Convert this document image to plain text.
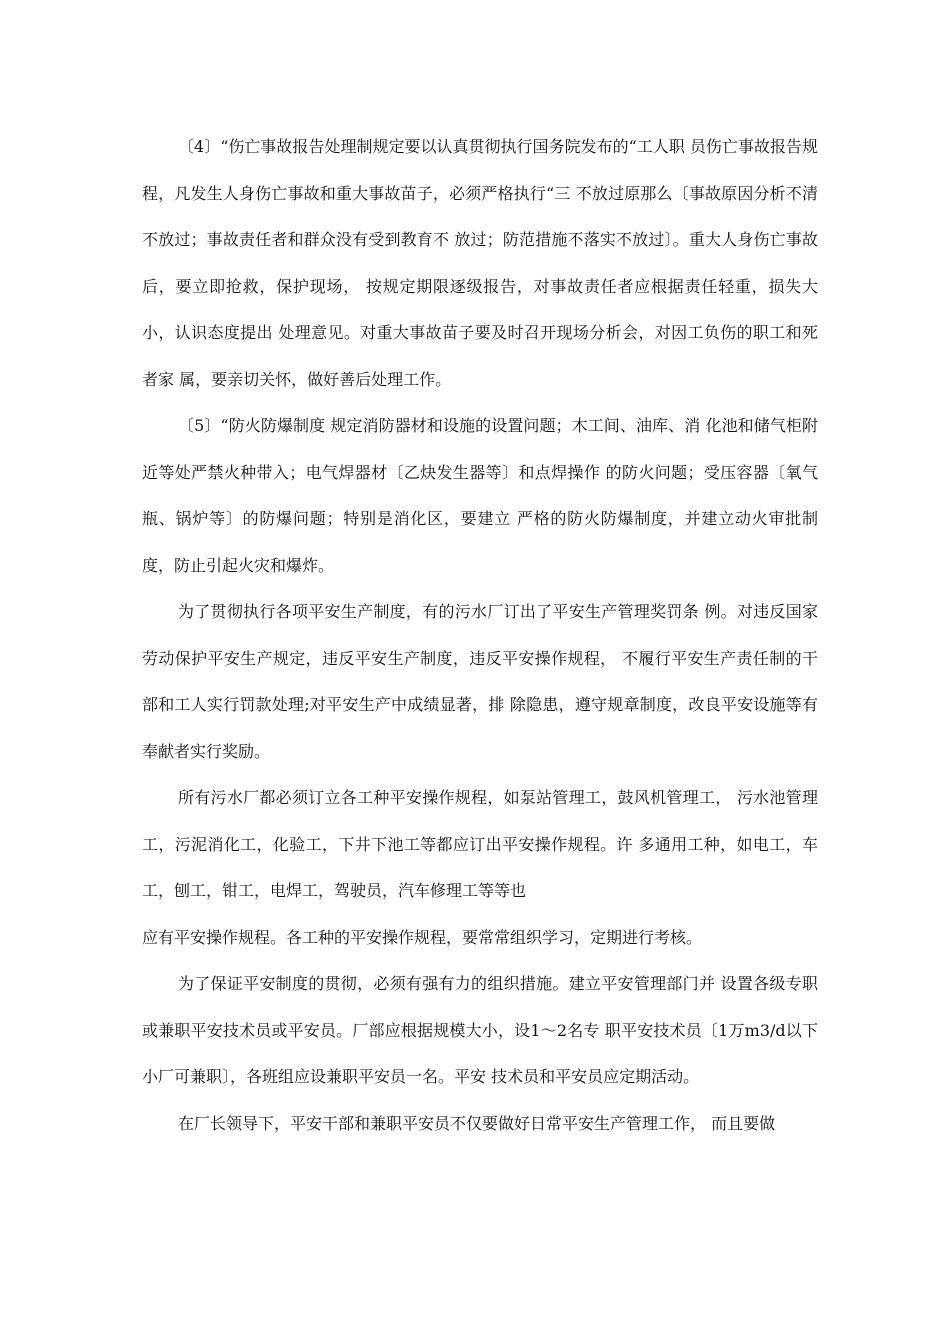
〔4〕“伤亡事故报告处理制规定要以认真贯彻执行国务院发布的“工人职 员伤亡事故报告规程，凡发生人身伤亡事故和重大事故苗子，必须严格执行“三 不放过原那么〔事故原因分析不清不放过；事故责任者和群众没有受到教育不 放过；防范措施不落实不放过〕。重大人身伤亡事故后，要立即抢救，保护现场， 按规定期限逐级报告，对事故责任者应根据责任轻重，损失大小，认识态度提出 处理意见。对重大事故苗子要及时召开现场分析会，对因工负伤的职工和死者家 属，要亲切关怀，做好善后处理工作。

〔5〕“防火防爆制度 规定消防器材和设施的设置问题；木工间、油库、消 化池和储气柜附近等处严禁火种带入；电气焊器材〔乙炔发生器等〕和点焊操作 的防火问题；受压容器〔氧气瓶、锅炉等〕的防爆问题；特别是消化区，要建立 严格的防火防爆制度，并建立动火审批制度，防止引起火灾和爆炸。

为了贯彻执行各项平安生产制度，有的污水厂订出了平安生产管理奖罚条 例。对违反国家劳动保护平安生产规定，违反平安生产制度，违反平安操作规程， 不履行平安生产责任制的干部和工人实行罚款处理;对平安生产中成绩显著，排 除隐患，遵守规章制度，改良平安设施等有奉献者实行奖励。

所有污水厂都必须订立各工种平安操作规程，如泵站管理工，鼓风机管理工， 污水池管理工，污泥消化工，化验工，下井下池工等都应订出平安操作规程。许 多通用工种，如电工，车工，刨工，钳工，电焊工，驾驶员，汽车修理工等等也

应有平安操作规程。各工种的平安操作规程，要常常组织学习，定期进行考核。

为了保证平安制度的贯彻，必须有强有力的组织措施。建立平安管理部门并 设置各级专职或兼职平安技术员或平安员。厂部应根据规模大小，设1〜2名专 职平安技术员〔1万m3/d以下小厂可兼职〕，各班组应设兼职平安员一名。平安 技术员和平安员应定期活动。

在厂长领导下，平安干部和兼职平安员不仅要做好日常平安生产管理工作， 而且要做
